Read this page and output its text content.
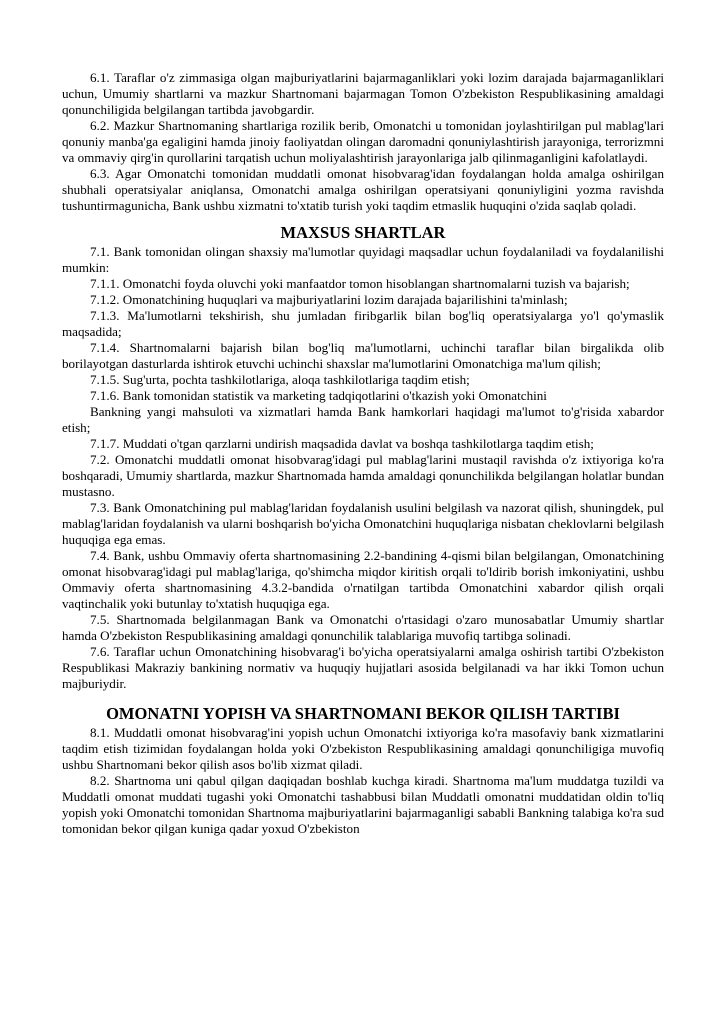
6.1. Taraflar o'z zimmasiga olgan majburiyatlarini bajarmaganliklari yoki lozim darajada bajarmaganliklari uchun, Umumiy shartlarni va mazkur Shartnomani bajarmagan Tomon O'zbekiston Respublikasining amaldagi qonunchiligida belgilangan tartibda javobgardir.

6.2. Mazkur Shartnomaning shartlariga rozilik berib, Omonatchi u tomonidan joylashtirilgan pul mablag'lari qonuniy manba'ga egaligini hamda jinoiy faoliyatdan olingan daromadni qonuniylashtirish jarayoniga, terrorizmni va ommaviy qirg'in qurollarini tarqatish uchun moliyalashtirish jarayonlariga jalb qilinmaganligini kafolatlaydi.

6.3. Agar Omonatchi tomonidan muddatli omonat hisobvarag'idan foydalangan holda amalga oshirilgan shubhali operatsiyalar aniqlansa, Omonatchi amalga oshirilgan operatsiyani qonuniyligini yozma ravishda tushuntirmagunicha, Bank ushbu xizmatni to'xtatib turish yoki taqdim etmaslik huquqini o'zida saqlab qoladi.

MAXSUS SHARTLAR

7.1. Bank tomonidan olingan shaxsiy ma'lumotlar quyidagi maqsadlar uchun foydalaniladi va foydalanilishi mumkin:

7.1.1. Omonatchi foyda oluvchi yoki manfaatdor tomon hisoblangan shartnomalarni tuzish va bajarish;

7.1.2. Omonatchining huquqlari va majburiyatlarini lozim darajada bajarilishini ta'minlash;

7.1.3. Ma'lumotlarni tekshirish, shu jumladan firibgarlik bilan bog'liq operatsiyalarga yo'l qo'ymaslik maqsadida;

7.1.4. Shartnomalarni bajarish bilan bog'liq ma'lumotlarni, uchinchi taraflar bilan birgalikda olib borilayotgan dasturlarda ishtirok etuvchi uchinchi shaxslar ma'lumotlarini Omonatchiga ma'lum qilish;

7.1.5. Sug'urta, pochta tashkilotlariga, aloqa tashkilotlariga taqdim etish;

7.1.6. Bank tomonidan statistik va marketing tadqiqotlarini o'tkazish yoki Omonatchini

Bankning yangi mahsuloti va xizmatlari hamda Bank hamkorlari haqidagi ma'lumot to'g'risida xabardor etish;

7.1.7. Muddati o'tgan qarzlarni undirish maqsadida davlat va boshqa tashkilotlarga taqdim etish;

7.2. Omonatchi muddatli omonat hisobvarag'idagi pul mablag'larini mustaqil ravishda o'z ixtiyoriga ko'ra boshqaradi, Umumiy shartlarda, mazkur Shartnomada hamda amaldagi qonunchilikda belgilangan holatlar bundan mustasno.

7.3. Bank Omonatchining pul mablag'laridan foydalanish usulini belgilash va nazorat qilish, shuningdek, pul mablag'laridan foydalanish va ularni boshqarish bo'yicha Omonatchini huquqlariga nisbatan cheklovlarni belgilash huquqiga ega emas.

7.4. Bank, ushbu Ommaviy oferta shartnomasining 2.2-bandining 4-qismi bilan belgilangan, Omonatchining omonat hisobvarag'idagi pul mablag'lariga, qo'shimcha miqdor kiritish orqali to'ldirib borish imkoniyatini, ushbu Ommaviy oferta shartnomasining 4.3.2-bandida o'rnatilgan tartibda Omonatchini xabardor qilish orqali vaqtinchalik yoki butunlay to'xtatish huquqiga ega.

7.5. Shartnomada belgilanmagan Bank va Omonatchi o'rtasidagi o'zaro munosabatlar Umumiy shartlar hamda O'zbekiston Respublikasining amaldagi qonunchilik talablariga muvofiq tartibga solinadi.

7.6. Taraflar uchun Omonatchining hisobvarag'i bo'yicha operatsiyalarni amalga oshirish tartibi O'zbekiston Respublikasi Makraziy bankining normativ va huquqiy hujjatlari asosida belgilanadi va har ikki Tomon uchun majburiydir.

OMONATNI YOPISH VA SHARTNOMANI BEKOR QILISH TARTIBI

8.1. Muddatli omonat hisobvarag'ini yopish uchun Omonatchi ixtiyoriga ko'ra masofaviy bank xizmatlarini taqdim etish tizimidan foydalangan holda yoki O'zbekiston Respublikasining amaldagi qonunchiligiga muvofiq ushbu Shartnomani bekor qilish asos bo'lib xizmat qiladi.

8.2. Shartnoma uni qabul qilgan daqiqadan boshlab kuchga kiradi. Shartnoma ma'lum muddatga tuzildi va Muddatli omonat muddati tugashi yoki Omonatchi tashabbusi bilan Muddatli omonatni muddatidan oldin to'liq yopish yoki Omonatchi tomonidan Shartnoma majburiyatlarini bajarmaganligi sababli Bankning talabiga ko'ra sud tomonidan bekor qilgan kuniga qadar yoxud O'zbekiston
